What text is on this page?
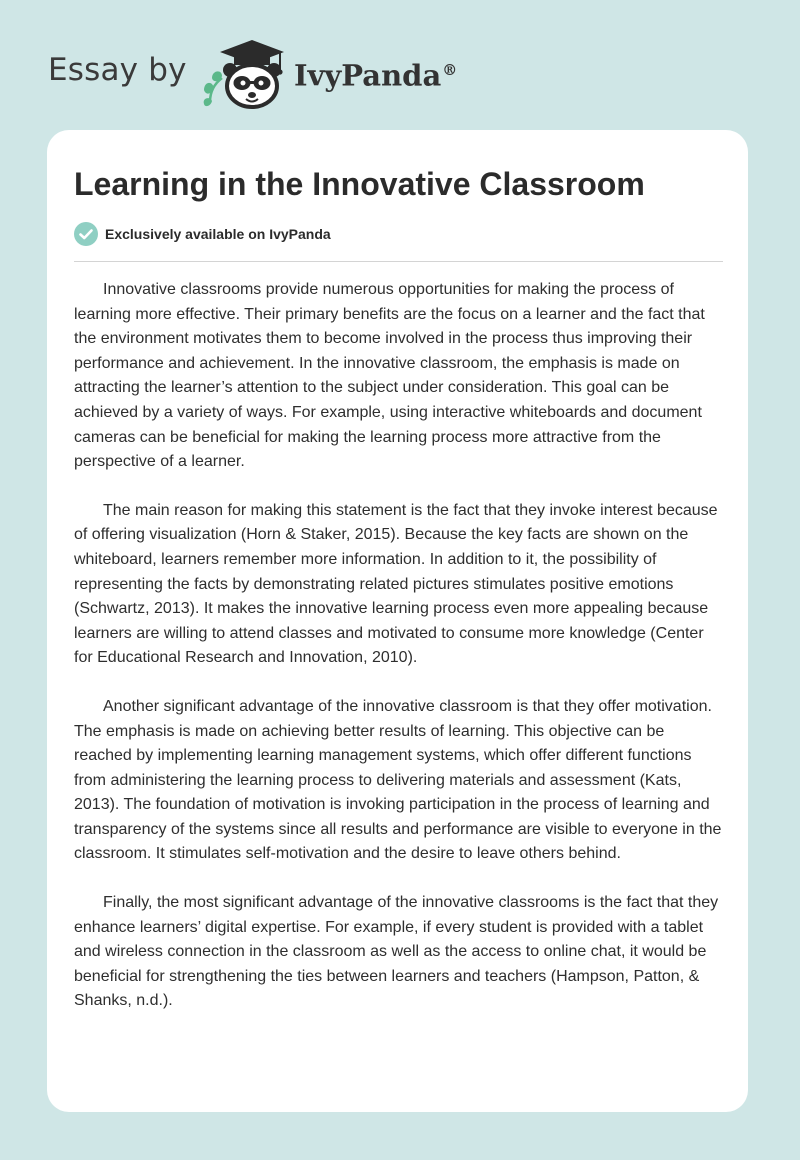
Essay by	IvyPanda®
Learning in the Innovative Classroom
Exclusively available on IvyPanda

Innovative classrooms provide numerous opportunities for making the process of learning more effective. Their primary benefits are the focus on a learner and the fact that the environment motivates them to become involved in the process thus improving their performance and achievement. In the innovative classroom, the emphasis is made on attracting the learner’s attention to the subject under consideration. This goal can be achieved by a variety of ways. For example, using interactive whiteboards and document cameras can be beneficial for making the learning process more attractive from the perspective of a learner.

The main reason for making this statement is the fact that they invoke interest because of offering visualization (Horn & Staker, 2015). Because the key facts are shown on the whiteboard, learners remember more information. In addition to it, the possibility of representing the facts by demonstrating related pictures stimulates positive emotions (Schwartz, 2013). It makes the innovative learning process even more appealing because learners are willing to attend classes and motivated to consume more knowledge (Center for Educational Research and Innovation, 2010).

Another significant advantage of the innovative classroom is that they offer motivation. The emphasis is made on achieving better results of learning. This objective can be reached by implementing learning management systems, which offer different functions from administering the learning process to delivering materials and assessment (Kats, 2013). The foundation of motivation is invoking participation in the process of learning and transparency of the systems since all results and performance are visible to everyone in the classroom. It stimulates self-motivation and the desire to leave others behind.

Finally, the most significant advantage of the innovative classrooms is the fact that they enhance learners’ digital expertise. For example, if every student is provided with a tablet and wireless connection in the classroom as well as the access to online chat, it would be beneficial for strengthening the ties between learners and teachers (Hampson, Patton, & Shanks, n.d.).
